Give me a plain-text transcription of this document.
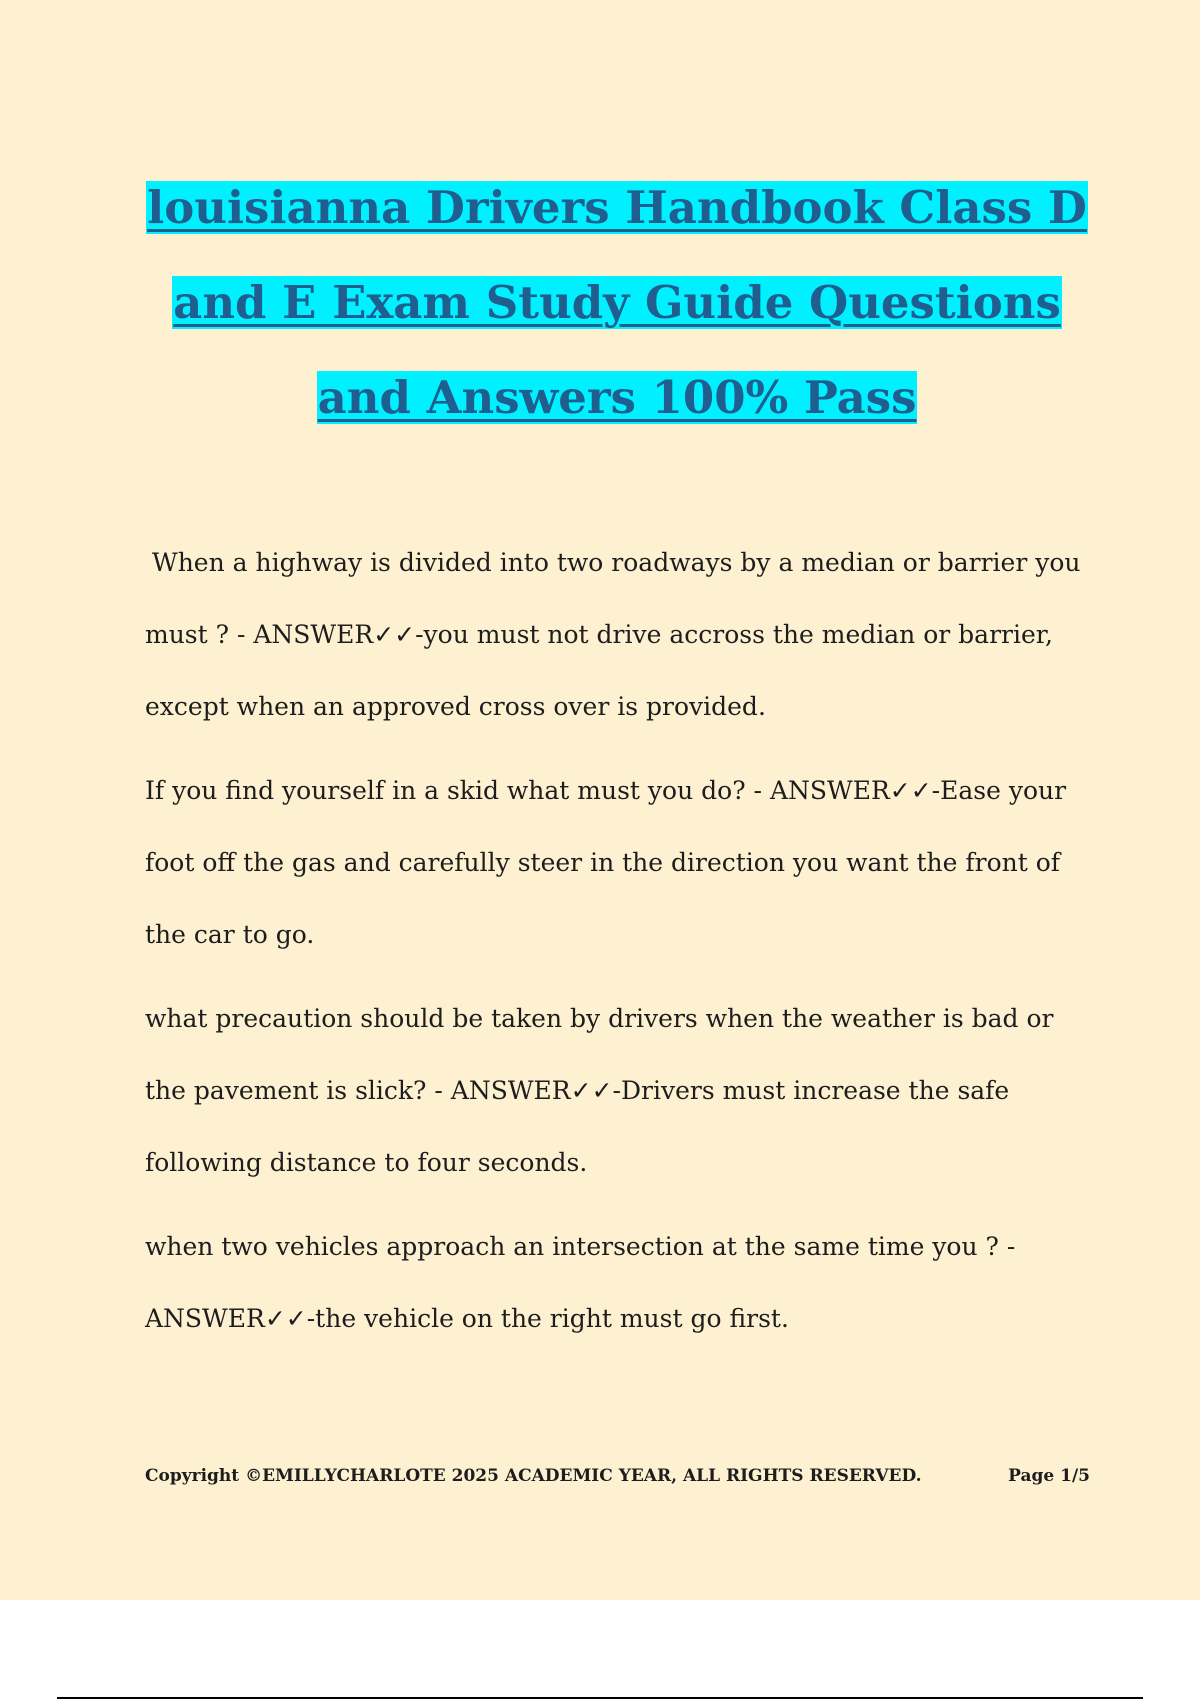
louisianna Drivers Handbook Class D
and E Exam Study Guide Questions
and Answers 100% Pass

When a highway is divided into two roadways by a median or barrier you must ? - ANSWER✓✓-you must not drive accross the median or barrier, except when an approved cross over is provided.

If you find yourself in a skid what must you do? - ANSWER✓✓-Ease your foot off the gas and carefully steer in the direction you want the front of the car to go.

what precaution should be taken by drivers when the weather is bad or the pavement is slick? - ANSWER✓✓-Drivers must increase the safe following distance to four seconds.

when two vehicles approach an intersection at the same time you ? - ANSWER✓✓-the vehicle on the right must go first.

Copyright ©EMILLYCHARLOTE 2025 ACADEMIC YEAR, ALL RIGHTS RESERVED.	Page 1/5
